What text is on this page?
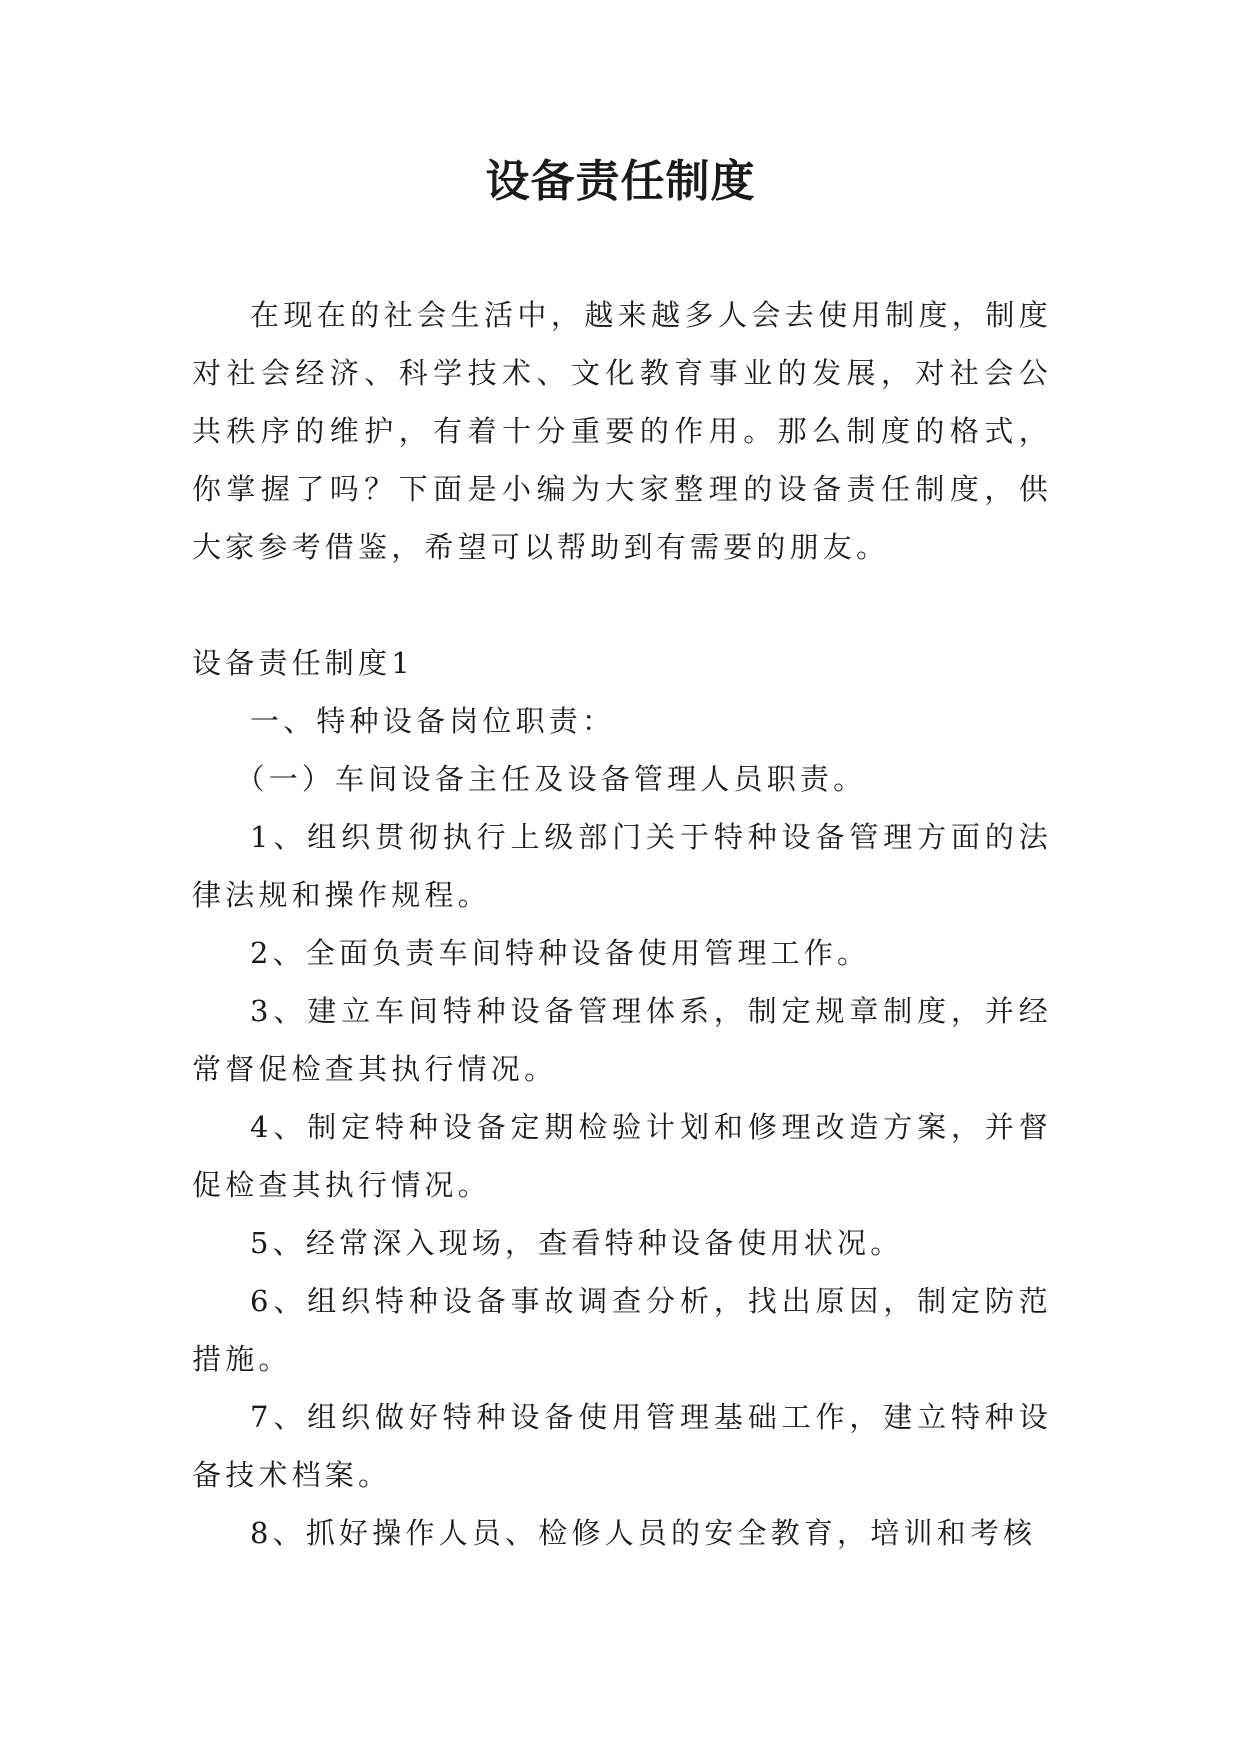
设备责任制度

在现在的社会生活中，越来越多人会去使用制度，制度对社会经济、科学技术、文化教育事业的发展，对社会公共秩序的维护，有着十分重要的作用。那么制度的格式，你掌握了吗？下面是小编为大家整理的设备责任制度，供大家参考借鉴，希望可以帮助到有需要的朋友。

设备责任制度1

一、特种设备岗位职责：

（一）车间设备主任及设备管理人员职责。

1、组织贯彻执行上级部门关于特种设备管理方面的法律法规和操作规程。

2、全面负责车间特种设备使用管理工作。

3、建立车间特种设备管理体系，制定规章制度，并经常督促检查其执行情况。

4、制定特种设备定期检验计划和修理改造方案，并督促检查其执行情况。

5、经常深入现场，查看特种设备使用状况。

6、组织特种设备事故调查分析，找出原因，制定防范措施。

7、组织做好特种设备使用管理基础工作，建立特种设备技术档案。

8、抓好操作人员、检修人员的安全教育，培训和考核
